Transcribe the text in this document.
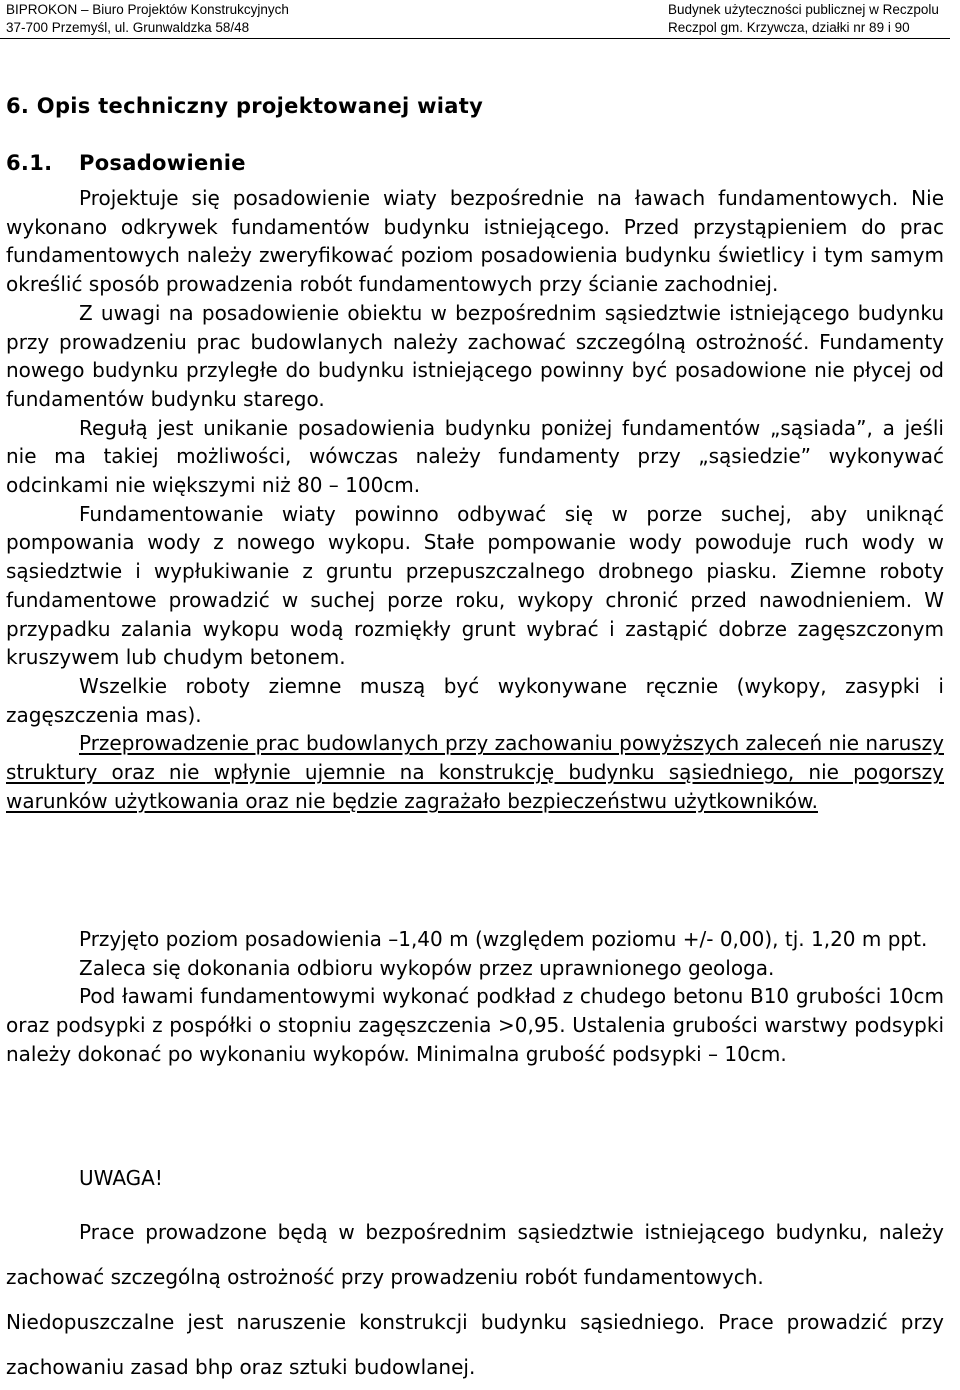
BIPROKON – Biuro Projektów Konstrukcyjnych
37-700 Przemyśl, ul. Grunwaldzka 58/48
Budynek użyteczności publicznej w Reczpolu
Reczpol gm. Krzywcza, działki nr 89 i 90
6. Opis techniczny projektowanej wiaty
6.1. Posadowienie

Projektuje się posadowienie wiaty bezpośrednie na ławach fundamentowych. Nie wykonano odkrywek fundamentów budynku istniejącego. Przed przystąpieniem do prac fundamentowych należy zweryfikować poziom posadowienia budynku świetlicy i tym samym określić sposób prowadzenia robót fundamentowych przy ścianie zachodniej.

Z uwagi na posadowienie obiektu w bezpośrednim sąsiedztwie istniejącego budynku przy prowadzeniu prac budowlanych należy zachować szczególną ostrożność. Fundamenty nowego budynku przyległe do budynku istniejącego powinny być posadowione nie płycej od fundamentów budynku starego.

Regułą jest unikanie posadowienia budynku poniżej fundamentów „sąsiada”, a jeśli nie ma takiej możliwości, wówczas należy fundamenty przy „sąsiedzie” wykonywać odcinkami nie większymi niż 80 – 100cm.

Fundamentowanie wiaty powinno odbywać się w porze suchej, aby uniknąć pompowania wody z nowego wykopu. Stałe pompowanie wody powoduje ruch wody w sąsiedztwie i wypłukiwanie z gruntu przepuszczalnego drobnego piasku. Ziemne roboty fundamentowe prowadzić w suchej porze roku, wykopy chronić przed nawodnieniem. W przypadku zalania wykopu wodą rozmiękły grunt wybrać i zastąpić dobrze zagęszczonym kruszywem lub chudym betonem.

Wszelkie roboty ziemne muszą być wykonywane ręcznie (wykopy, zasypki i zagęszczenia mas).

Przeprowadzenie prac budowlanych przy zachowaniu powyższych zaleceń nie naruszy struktury oraz nie wpłynie ujemnie na konstrukcję budynku sąsiedniego, nie pogorszy warunków użytkowania oraz nie będzie zagrażało bezpieczeństwu użytkowników.

Przyjęto poziom posadowienia –1,40 m (względem poziomu +/- 0,00), tj. 1,20 m ppt.

Zaleca się dokonania odbioru wykopów przez uprawnionego geologa.

Pod ławami fundamentowymi wykonać podkład z chudego betonu B10 grubości 10cm oraz podsypki z pospółki o stopniu zagęszczenia >0,95. Ustalenia grubości warstwy podsypki należy dokonać po wykonaniu wykopów. Minimalna grubość podsypki – 10cm.

UWAGA!

Prace prowadzone będą w bezpośrednim sąsiedztwie istniejącego budynku, należy zachować szczególną ostrożność przy prowadzeniu robót fundamentowych.

Niedopuszczalne jest naruszenie konstrukcji budynku sąsiedniego. Prace prowadzić przy zachowaniu zasad bhp oraz sztuki budowlanej.
